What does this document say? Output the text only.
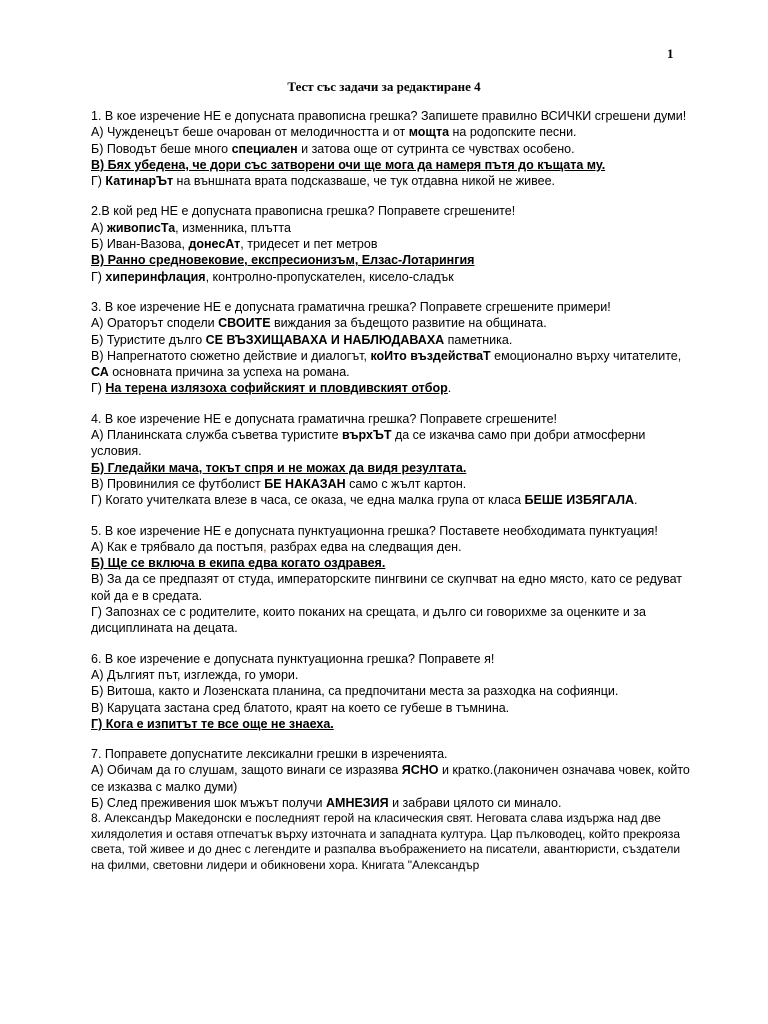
1
Тест със задачи за редактиране 4

1. В кое изречение НЕ е допусната правописна грешка? Запишете правилно ВСИЧКИ сгрешени думи!

А) Чужденецът беше очарован от мелодичността и от мощта на родопските песни.

Б) Поводът беше много специален и затова още от сутринта се чувствах особено.

В) Бях убедена, че дори със затворени очи ще мога да намеря пътя до къщата му.

Г) КатинарЪт на външната врата подсказваше, че тук отдавна никой не живее.

2.В кой ред НЕ е допусната правописна грешка? Поправете сгрешените!

А) живописТа, изменника, плътта

Б) Иван-Вазова, донесАт, тридесет и пет метров

В) Ранно средновековие, експресионизъм, Елзас-Лотарингия

Г) хиперинфлация, контролно-пропускателен, кисело-сладък

3. В кое изречение НЕ е допусната граматична грешка? Поправете сгрешените примери!

А) Ораторът сподели СВОИТЕ виждания за бъдещото развитие на общината.

Б) Туристите дълго СЕ ВЪЗХИЩАВАХА И НАБЛЮДАВАХА паметника.

В) Напрегнатото сюжетно действие и диалогът, коИто въздействаТ емоционално върху читателите, СА основната причина за успеха на романа.

Г) На терена излязоха софийският и пловдивският отбор.

4. В кое изречение НЕ е допусната граматична грешка? Поправете сгрешените!

А) Планинската служба съветва туристите върхЪТ да се изкачва само при добри атмосферни условия.

Б) Гледайки мача, токът спря и не можах да видя резултата.

В) Провинилия се футболист БЕ НАКАЗАН само с жълт картон.

Г) Когато учителката влезе в часа, се оказа, че една малка група от класа БЕШЕ ИЗБЯГАЛА.

5. В кое изречение НЕ е допусната пунктуационна грешка? Поставете необходимата пунктуация!

А) Как е трябвало да постъпя, разбрах едва на следващия ден.

Б) Ще се включа в екипа едва когато оздравея.

В) За да се предпазят от студа, императорските пингвини се скупчват на едно място, като се редуват кой да е в средата.

Г) Запознах се с родителите, които поканих на срещата, и дълго си говорихме за оценките и за дисциплината на децата.

6. В кое изречение е допусната пунктуационна грешка? Поправете я!

А) Дългият път, изглежда, го умори.

Б) Витоша, както и Лозенската планина, са предпочитани места за разходка на софиянци.

В) Каруцата застана сред блатото, краят на което се губеше в тъмнина.

Г) Кога е изпитът те все още не знаеха.

7. Поправете допуснатите лексикални грешки в изреченията.

А) Обичам да го слушам, защото винаги се изразява ЯСНО и кратко.(лаконичен означава човек, който се изказва с малко думи)

Б) След преживения шок мъжът получи АМНЕЗИЯ и забрави цялото си минало.

8. Александър Македонски е последният герой на класическия свят. Неговата слава издържа над две хилядолетия и оставя отпечатък върху източната и западната култура. Цар пълководец, който прекрояза света, той живее и до днес с легендите и разпалва въображението на писатели, авантюристи, създатели на филми, световни лидери и обикновени хора. Книгата "Александър
